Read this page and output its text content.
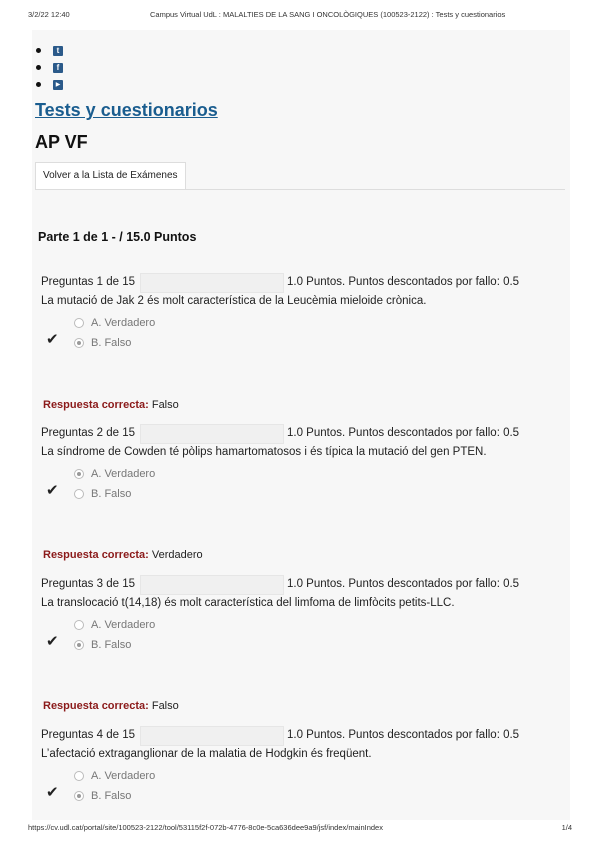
3/2/22 12:40	Campus Virtual UdL : MALALTIES DE LA SANG I ONCOLÒGIQUES (100523-2122) : Tests y cuestionarios
t
f
▶
Tests y cuestionarios
AP VF
Volver a la Lista de Exámenes
Parte 1 de 1 - / 15.0 Puntos
Preguntas 1 de 15	1.0 Puntos. Puntos descontados por fallo: 0.5
La mutació de Jak 2 és molt característica de la Leucèmia mieloide crònica.
✔
A. Verdadero
B. Falso
Respuesta correcta: Falso
Preguntas 2 de 15	1.0 Puntos. Puntos descontados por fallo: 0.5
La síndrome de Cowden té pòlips hamartomatosos i és típica la mutació del gen PTEN.
✔
A. Verdadero
B. Falso
Respuesta correcta: Verdadero
Preguntas 3 de 15	1.0 Puntos. Puntos descontados por fallo: 0.5
La translocació t(14,18) és molt característica del limfoma de limfòcits petits-LLC.
✔
A. Verdadero
B. Falso
Respuesta correcta: Falso
Preguntas 4 de 15	1.0 Puntos. Puntos descontados por fallo: 0.5
L’afectació extraganglionar de la malatia de Hodgkin és freqüent.
✔
A. Verdadero
B. Falso
https://cv.udl.cat/portal/site/100523-2122/tool/53115f2f-072b-4776-8c0e-5ca636dee9a9/jsf/index/mainIndex	1/4
